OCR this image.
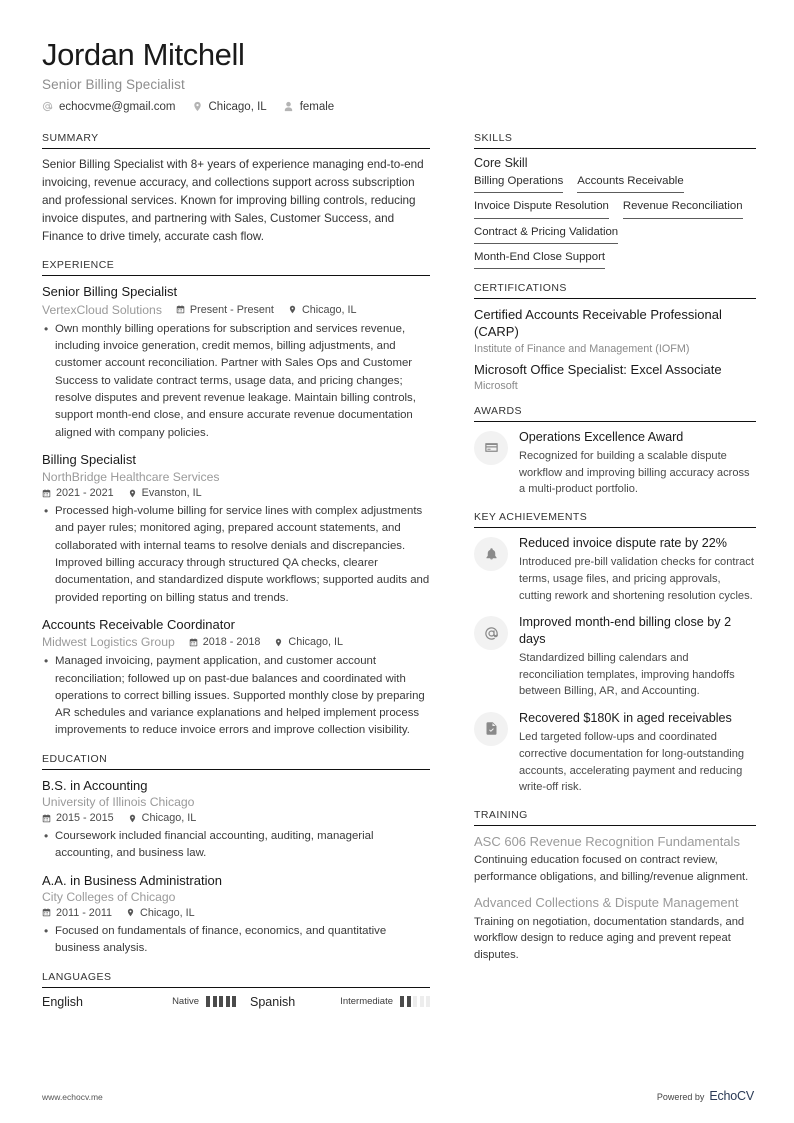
Jordan Mitchell
Senior Billing Specialist
echocvme@gmail.com	Chicago, IL	female
SUMMARY
Senior Billing Specialist with 8+ years of experience managing end-to-end invoicing, revenue accuracy, and collections support across subscription and professional services. Known for improving billing controls, reducing invoice disputes, and partnering with Sales, Customer Success, and Finance to drive timely, accurate cash flow.
EXPERIENCE
Senior Billing Specialist
VertexCloud Solutions	Present - Present	Chicago, IL
• Own monthly billing operations for subscription and services revenue, including invoice generation, credit memos, billing adjustments, and customer account reconciliation. Partner with Sales Ops and Customer Success to validate contract terms, usage data, and pricing changes; resolve disputes and prevent revenue leakage. Maintain billing controls, support month-end close, and ensure accurate revenue documentation aligned with company policies.
Billing Specialist
NorthBridge Healthcare Services
2021 - 2021	Evanston, IL
• Processed high-volume billing for service lines with complex adjustments and payer rules; monitored aging, prepared account statements, and collaborated with internal teams to resolve denials and discrepancies. Improved billing accuracy through structured QA checks, clearer documentation, and standardized dispute workflows; supported audits and provided reporting on billing status and trends.
Accounts Receivable Coordinator
Midwest Logistics Group	2018 - 2018	Chicago, IL
• Managed invoicing, payment application, and customer account reconciliation; followed up on past-due balances and coordinated with operations to correct billing issues. Supported monthly close by preparing AR schedules and variance explanations and helped implement process improvements to reduce invoice errors and improve collection visibility.
EDUCATION
B.S. in Accounting
University of Illinois Chicago
2015 - 2015	Chicago, IL
• Coursework included financial accounting, auditing, managerial accounting, and business law.
A.A. in Business Administration
City Colleges of Chicago
2011 - 2011	Chicago, IL
• Focused on fundamentals of finance, economics, and quantitative business analysis.
LANGUAGES
English	Native	Spanish	Intermediate
SKILLS
Core Skill
Billing Operations Accounts Receivable
Invoice Dispute Resolution Revenue Reconciliation
Contract & Pricing Validation
Month-End Close Support
CERTIFICATIONS
Certified Accounts Receivable Professional (CARP)
Institute of Finance and Management (IOFM)
Microsoft Office Specialist: Excel Associate
Microsoft
AWARDS
Operations Excellence Award
Recognized for building a scalable dispute workflow and improving billing accuracy across a multi-product portfolio.
KEY ACHIEVEMENTS
Reduced invoice dispute rate by 22%
Introduced pre-bill validation checks for contract terms, usage files, and pricing approvals, cutting rework and shortening resolution cycles.
Improved month-end billing close by 2 days
Standardized billing calendars and reconciliation templates, improving handoffs between Billing, AR, and Accounting.
Recovered $180K in aged receivables
Led targeted follow-ups and coordinated corrective documentation for long-outstanding accounts, accelerating payment and reducing write-off risk.
TRAINING
ASC 606 Revenue Recognition Fundamentals
Continuing education focused on contract review, performance obligations, and billing/revenue alignment.
Advanced Collections & Dispute Management
Training on negotiation, documentation standards, and workflow design to reduce aging and prevent repeat disputes.
www.echocv.me	Powered by EchoCV
